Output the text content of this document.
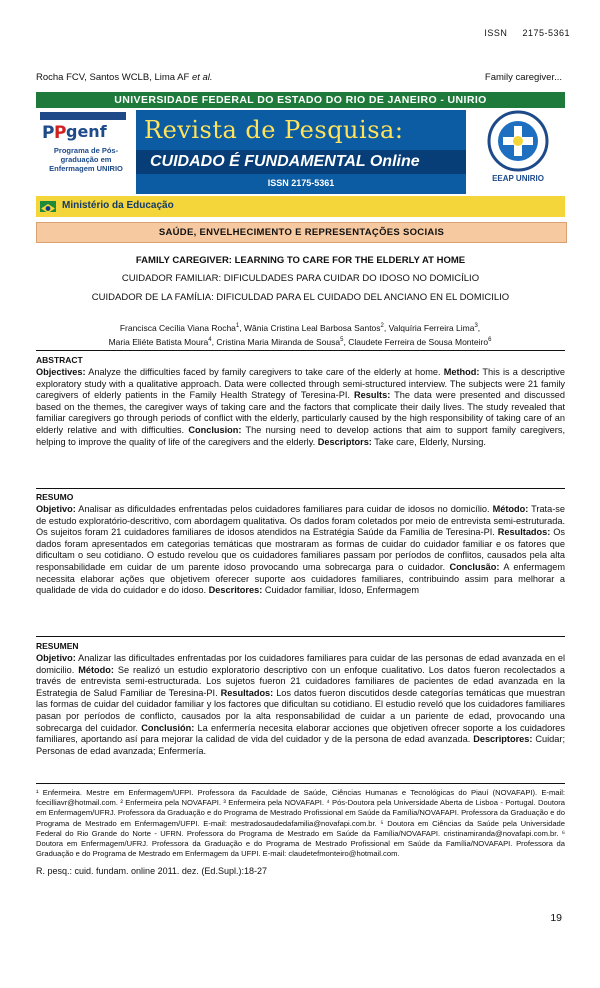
ISSN 2175-5361
Rocha FCV, Santos WCLB, Lima AF et al.	Family caregiver...
UNIVERSIDADE FEDERAL DO ESTADO DO RIO DE JANEIRO - UNIRIO
P P genf
Programa de Pós-graduação em Enfermagem UNIRIO
Revista de Pesquisa:
CUIDADO É FUNDAMENTAL Online
ISSN 2175-5361	EEAP UNIRIO
Ministério da Educação
SAÚDE, ENVELHECIMENTO E REPRESENTAÇÕES SOCIAIS
FAMILY CAREGIVER: LEARNING TO CARE FOR THE ELDERLY AT HOME
CUIDADOR FAMILIAR: DIFICULDADES PARA CUIDAR DO IDOSO NO DOMICÍLIO
CUIDADOR DE LA FAMÍLIA: DIFICULDAD PARA EL CUIDADO DEL ANCIANO EN EL DOMICILIO
Francisca Cecília Viana Rocha$^1$, Wânia Cristina Leal Barbosa Santos$^2$, Valquíria Ferreira Lima$^3$,
Maria Eliéte Batista Moura$^4$, Cristina Maria Miranda de Sousa$^5$, Claudete Ferreira de Sousa Monteiro$^6$
ABSTRACT
Objectives: Analyze the difficulties faced by family caregivers to take care of the elderly at home. Method: This is a descriptive exploratory study with a qualitative approach. Data were collected through semi-structured interview. The subjects were 21 family caregivers of elderly patients in the Family Health Strategy of Teresina-PI. Results: The data were presented and discussed based on the themes, the caregiver ways of taking care and the factors that complicate their daily lives. The study revealed that familiar caregivers go through periods of conflict with the elderly, particularly caused by the high responsibility of taking care of an elderly relative and with difficulties. Conclusion: The nursing need to develop actions that aim to support family caregivers, helping to improve the quality of life of the caregivers and the elderly. Descriptors: Take care, Elderly, Nursing.
RESUMO
Objetivo: Analisar as dificuldades enfrentadas pelos cuidadores familiares para cuidar de idosos no domicílio. Método: Trata-se de estudo exploratório-descritivo, com abordagem qualitativa. Os dados foram coletados por meio de entrevista semi-estruturada. Os sujeitos foram 21 cuidadores familiares de idosos atendidos na Estratégia Saúde da Família de Teresina-PI. Resultados: Os dados foram apresentados em categorias temáticas que mostraram as formas de cuidar do cuidador familiar e os fatores que dificultam o seu cotidiano. O estudo revelou que os cuidadores familiares passam por períodos de conflitos, causados pela alta responsabilidade em cuidar de um parente idoso provocando uma sobrecarga para o cuidador. Conclusão: A enfermagem necessita elaborar ações que objetivem oferecer suporte aos cuidadores familiares, contribuindo assim para melhorar a qualidade de vida do cuidador e do idoso. Descritores: Cuidador familiar, Idoso, Enfermagem
RESUMEN
Objetivo: Analizar las dificultades enfrentadas por los cuidadores familiares para cuidar de las personas de edad avanzada en el domicilio. Método: Se realizó un estudio exploratorio descriptivo con un enfoque cualitativo. Los datos fueron recolectados a través de entrevista semi-estructurada. Los sujetos fueron 21 cuidadores familiares de pacientes de edad avanzada en la Estrategia de Salud Familiar de Teresina-PI. Resultados: Los datos fueron discutidos desde categorías temáticas que muestran las formas de cuidar del cuidador familiar y los factores que dificultan su cotidiano. El estudio reveló que los cuidadores familiares pasan por períodos de conflicto, causados por la alta responsabilidad de cuidar a un pariente de edad, provocando una sobrecarga del cuidador. Conclusión: La enfermería necesita elaborar acciones que objetiven ofrecer soporte a los cuidadores familiares, aportando así para mejorar la calidad de vida del cuidador y de la persona de edad avanzada. Descriptores: Cuidar; Personas de edad avanzada; Enfermería.
¹ Enfermeira. Mestre em Enfermagem/UFPI. Professora da Faculdade de Saúde, Ciências Humanas e Tecnológicas do Piauí (NOVAFAPI). E-mail: fcecilliavr@hotmail.com. ² Enfermeira pela NOVAFAPI. ³ Enfermeira pela NOVAFAPI. ⁴ Pós-Doutora pela Universidade Aberta de Lisboa - Portugal. Doutora em Enfermagem/UFRJ. Professora da Graduação e do Programa de Mestrado Profissional em Saúde da Família/NOVAFAPI. Professora da Graduação e do Programa de Mestrado em Enfermagem/UFPI. E-mail: mestradosaudedafamilia@novafapi.com.br. ⁵ Doutora em Ciências da Saúde pela Universidade Federal do Rio Grande do Norte - UFRN. Professora do Programa de Mestrado em Saúde da Família/NOVAFAPI. cristinamiranda@novafapi.com.br. ⁶ Doutora em Enfermagem/UFRJ. Professora da Graduação e do Programa de Mestrado Profissional em Saúde da Família/NOVAFAPI. Professora da Graduação e do Programa de Mestrado em Enfermagem da UFPI. E-mail: claudetefmonteiro@hotmail.com.
R. pesq.: cuid. fundam. online 2011. dez. (Ed.Supl.):18-27
19
